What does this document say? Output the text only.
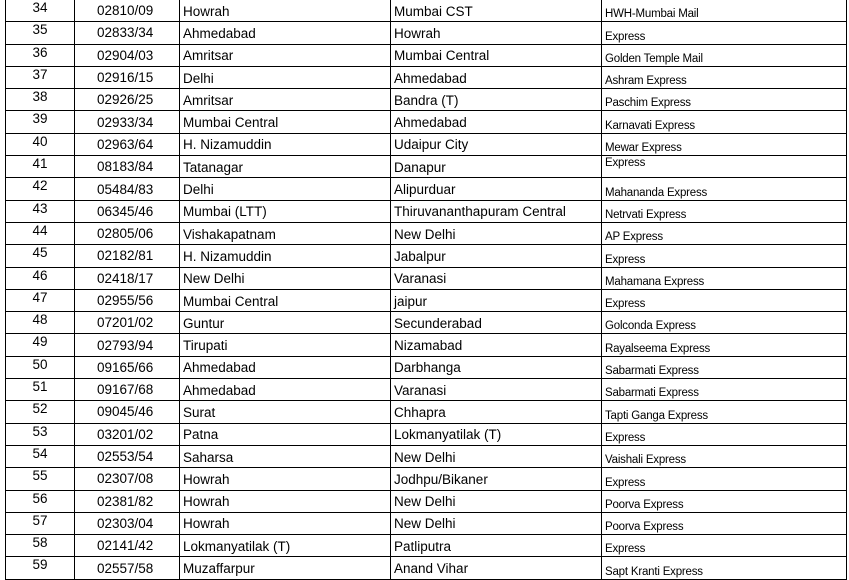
34	02810/09	Howrah	Mumbai CST	HWH-Mumbai Mail
35	02833/34	Ahmedabad	Howrah	Express
36	02904/03	Amritsar	Mumbai Central	Golden Temple Mail
37	02916/15	Delhi	Ahmedabad	Ashram Express
38	02926/25	Amritsar	Bandra (T)	Paschim Express
39	02933/34	Mumbai Central	Ahmedabad	Karnavati Express
40	02963/64	H. Nizamuddin	Udaipur City	Mewar Express
41	08183/84	Tatanagar	Danapur	Express
42	05484/83	Delhi	Alipurduar	Mahananda Express
43	06345/46	Mumbai (LTT)	Thiruvananthapuram Central	Netrvati Express
44	02805/06	Vishakapatnam	New Delhi	AP Express
45	02182/81	H. Nizamuddin	Jabalpur	Express
46	02418/17	New Delhi	Varanasi	Mahamana Express
47	02955/56	Mumbai Central	jaipur	Express
48	07201/02	Guntur	Secunderabad	Golconda Express
49	02793/94	Tirupati	Nizamabad	Rayalseema Express
50	09165/66	Ahmedabad	Darbhanga	Sabarmati Express
51	09167/68	Ahmedabad	Varanasi	Sabarmati Express
52	09045/46	Surat	Chhapra	Tapti Ganga Express
53	03201/02	Patna	Lokmanyatilak (T)	Express
54	02553/54	Saharsa	New Delhi	Vaishali Express
55	02307/08	Howrah	Jodhpu/Bikaner	Express
56	02381/82	Howrah	New Delhi	Poorva Express
57	02303/04	Howrah	New Delhi	Poorva Express
58	02141/42	Lokmanyatilak (T)	Patliputra	Express
59	02557/58	Muzaffarpur	Anand Vihar	Sapt Kranti Express
